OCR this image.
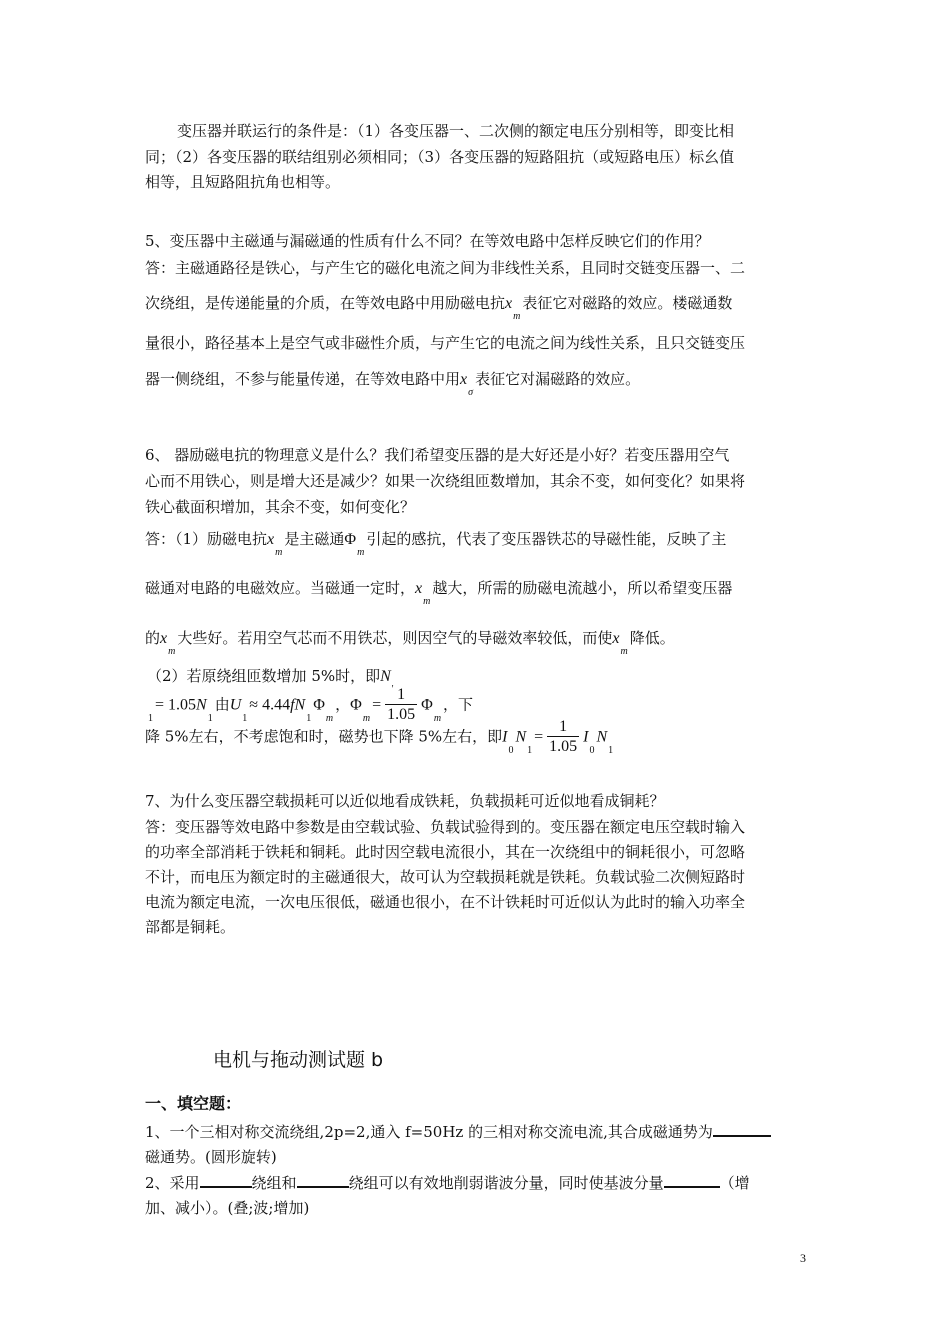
变压器并联运行的条件是：（1）各变压器一、二次侧的额定电压分别相等，即变比相
同；（2）各变压器的联结组别必须相同；（3）各变压器的短路阻抗（或短路电压）标幺值
相等，且短路阻抗角也相等。
5、变压器中主磁通与漏磁通的性质有什么不同？在等效电路中怎样反映它们的作用？
答：主磁通路径是铁心，与产生它的磁化电流之间为非线性关系，且同时交链变压器一、二
次绕组，是传递能量的介质，在等效电路中用励磁电抗$x_m$表征它对磁路的效应。楼磁通数
量很小，路径基本上是空气或非磁性介质，与产生它的电流之间为线性关系，且只交链变压
器一侧绕组，不参与能量传递，在等效电路中用$x_\sigma$表征它对漏磁路的效应。
6、 器励磁电抗的物理意义是什么？我们希望变压器的是大好还是小好？若变压器用空气
心而不用铁心，则是增大还是减少？如果一次绕组匝数增加，其余不变，如何变化？如果将
铁心截面积增加，其余不变，如何变化？
答：（1）励磁电抗$x_m$是主磁通$\Phi_m$引起的感抗，代表了变压器铁芯的导磁性能，反映了主
磁通对电路的电磁效应。当磁通一定时，$x_m$越大，所需的励磁电流越小，所以希望变压器
的$x_m$大些好。若用空气芯而不用铁芯，则因空气的导磁效率较低，而使$x_m$降低。
（2）若原绕组匝数增加 5%时，即$N'$
$_1= 1.05N_1$由$U_1\approx 4.44fN_1\Phi_m$，$\Phi_m= \frac{1}{1.05} \Phi_m$，下
降 5%左右，不考虑饱和时，磁势也下降 5%左右，即$I_0N_1= \frac{1}{1.05} I_0N_1$
7、为什么变压器空载损耗可以近似地看成铁耗，负载损耗可近似地看成铜耗？
答：变压器等效电路中参数是由空载试验、负载试验得到的。变压器在额定电压空载时输入
的功率全部消耗于铁耗和铜耗。此时因空载电流很小，其在一次绕组中的铜耗很小，可忽略
不计，而电压为额定时的主磁通很大，故可认为空载损耗就是铁耗。负载试验二次侧短路时
电流为额定电流，一次电压很低，磁通也很小，在不计铁耗时可近似认为此时的输入功率全
部都是铜耗。
电机与拖动测试题 b
一、填空题：
1、一个三相对称交流绕组,2p=2,通入 f=50Hz 的三相对称交流电流,其合成磁通势为
磁通势。(圆形旋转)
2、采用	绕组和	绕组可以有效地削弱谐波分量，同时使基波分量	（增
加、减小）。(叠;波;增加)
3
